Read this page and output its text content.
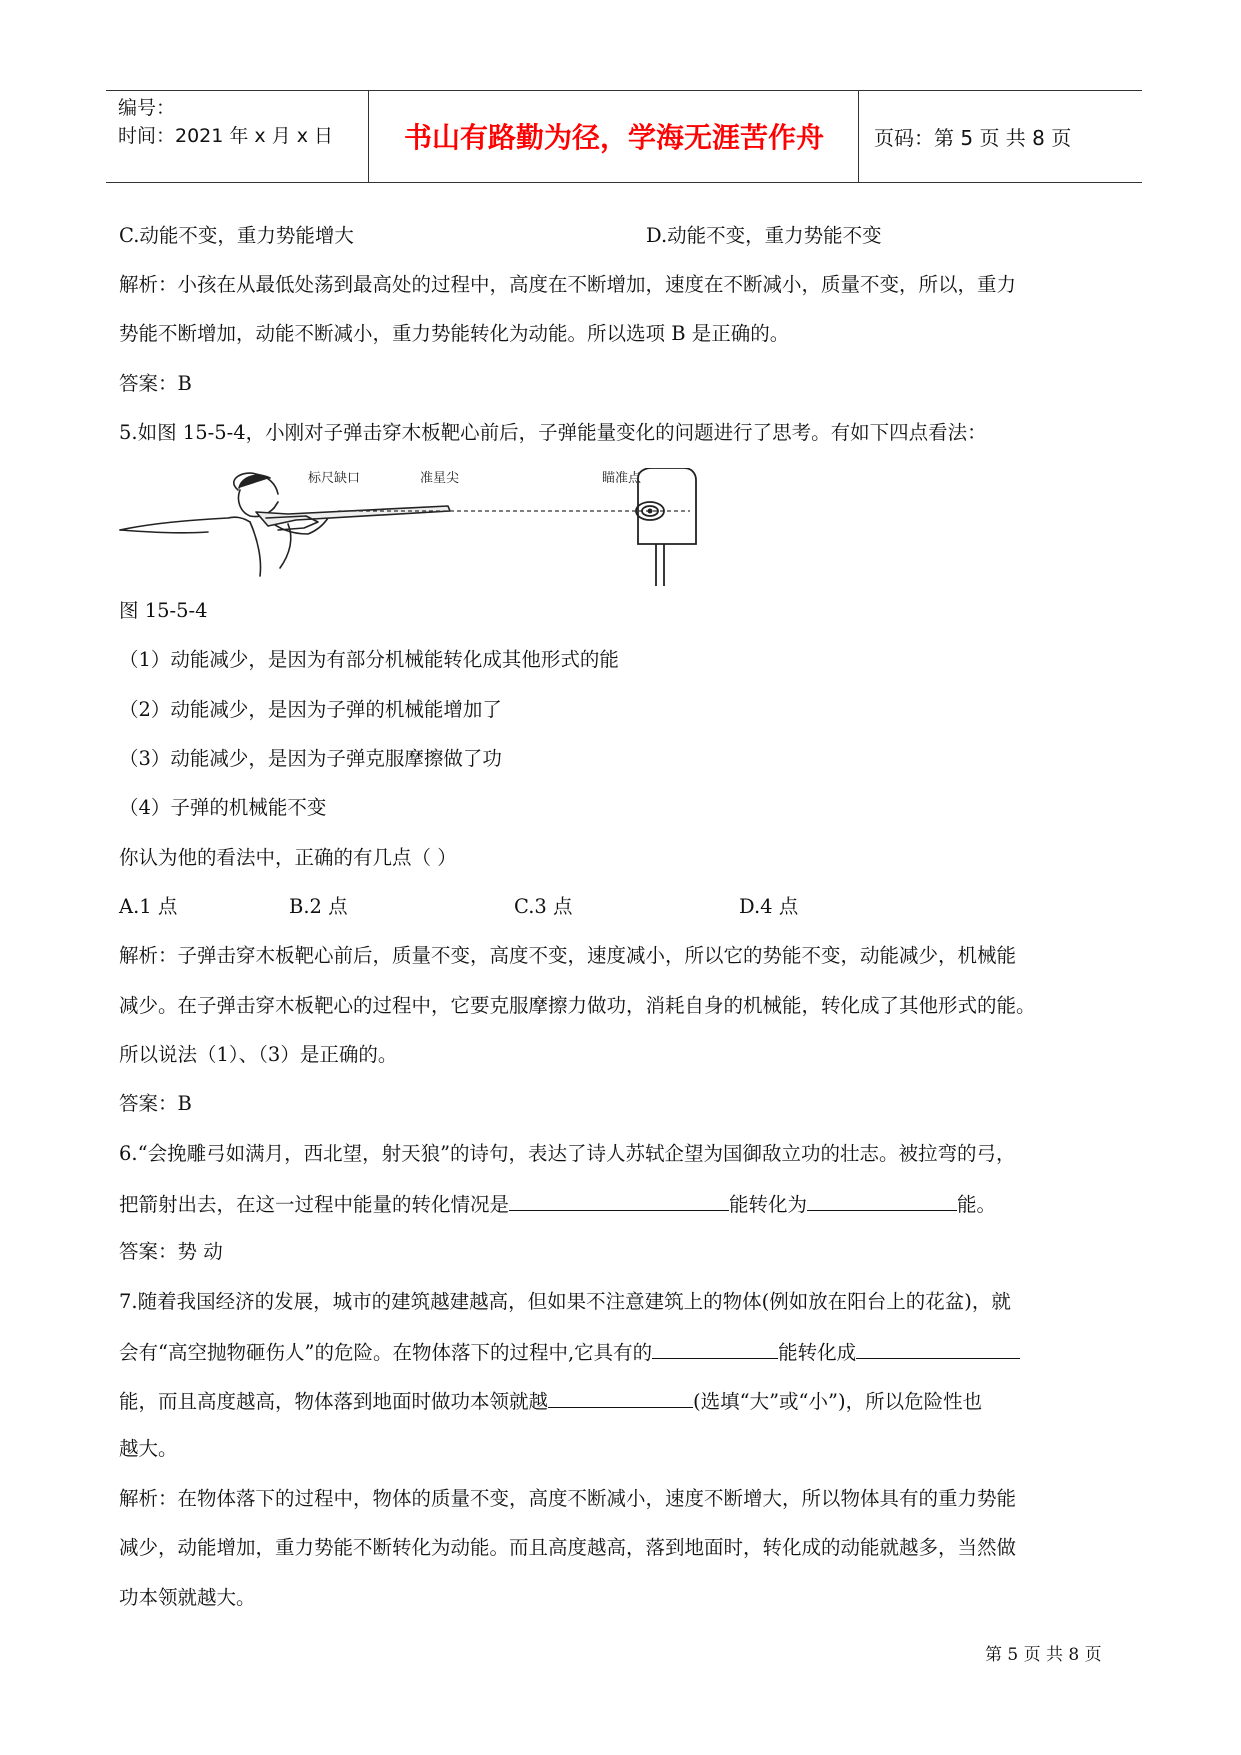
编号：
时间：2021 年 x 月 x 日	书山有路勤为径，学海无涯苦作舟	页码：第 5 页 共 8 页
C.动能不变，重力势能增大	D.动能不变，重力势能不变
解析：小孩在从最低处荡到最高处的过程中，高度在不断增加，速度在不断减小，质量不变，所以，重力
势能不断增加，动能不断减小，重力势能转化为动能。所以选项 B 是正确的。
答案：B
5.如图 15-5-4，小刚对子弹击穿木板靶心前后，子弹能量变化的问题进行了思考。有如下四点看法：
标尺缺口	准星尖	瞄准点
图 15-5-4
（1）动能减少，是因为有部分机械能转化成其他形式的能
（2）动能减少，是因为子弹的机械能增加了
（3）动能减少，是因为子弹克服摩擦做了功
（4）子弹的机械能不变
你认为他的看法中，正确的有几点（ ）
A.1 点	B.2 点	C.3 点	D.4 点
解析：子弹击穿木板靶心前后，质量不变，高度不变，速度减小，所以它的势能不变，动能减少，机械能
减少。在子弹击穿木板靶心的过程中，它要克服摩擦力做功，消耗自身的机械能，转化成了其他形式的能。
所以说法（1）、（3）是正确的。
答案：B
6.“会挽雕弓如满月，西北望，射天狼”的诗句，表达了诗人苏轼企望为国御敌立功的壮志。被拉弯的弓，
把箭射出去，在这一过程中能量的转化情况是	能转化为	能。
答案：势 动
7.随着我国经济的发展，城市的建筑越建越高，但如果不注意建筑上的物体(例如放在阳台上的花盆)，就
会有“高空抛物砸伤人”的危险。在物体落下的过程中,它具有的	能转化成
能，而且高度越高，物体落到地面时做功本领就越	(选填“大”或“小”)，所以危险性也
越大。
解析：在物体落下的过程中，物体的质量不变，高度不断减小，速度不断增大，所以物体具有的重力势能
减少，动能增加，重力势能不断转化为动能。而且高度越高，落到地面时，转化成的动能就越多，当然做
功本领就越大。
第 5 页 共 8 页
